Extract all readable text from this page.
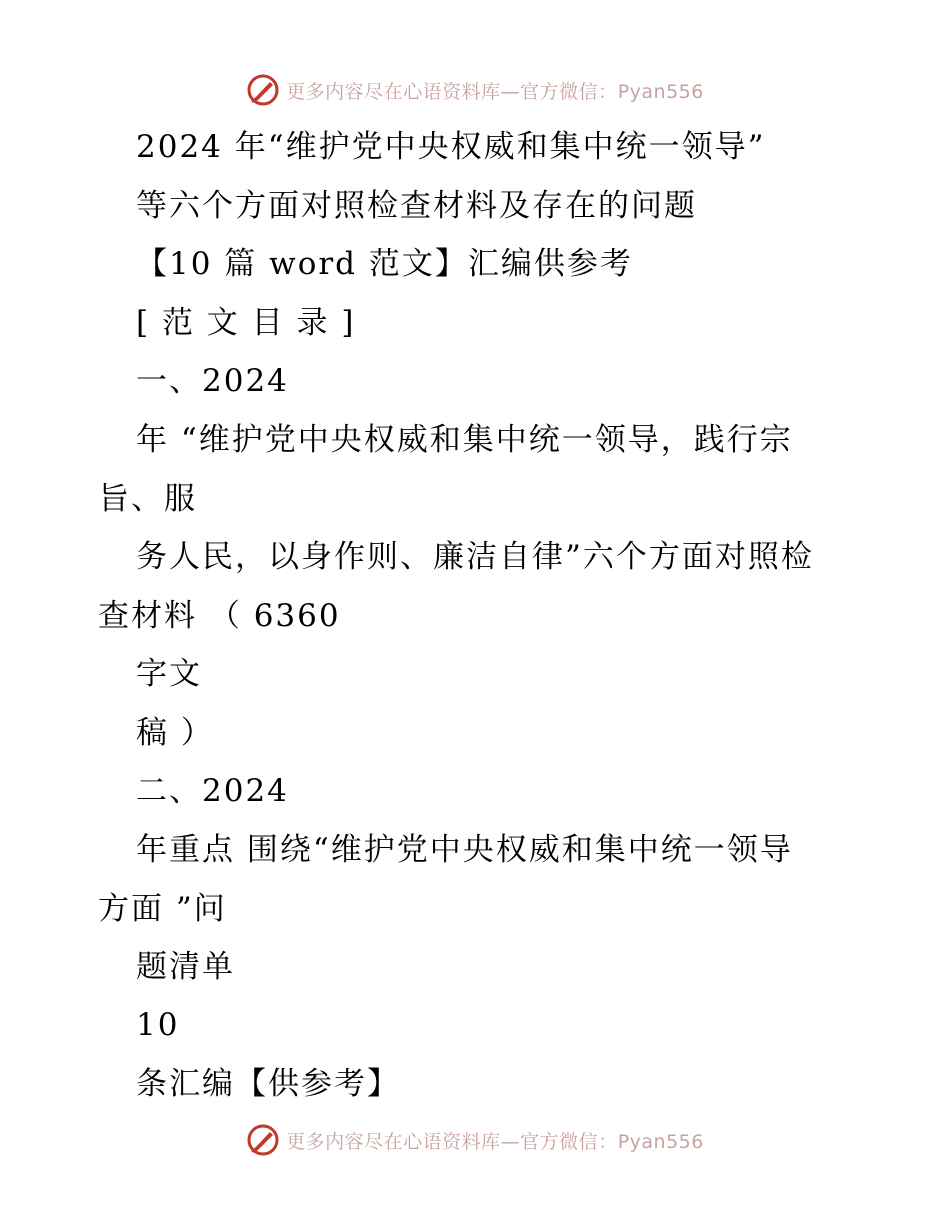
更多内容尽在心语资料库—官方微信：Pyan556
2024 年“维护党中央权威和集中统一领导”
等六个方面对照检查材料及存在的问题
【10 篇 word 范文】汇编供参考
[ 范 文 目 录 ]
一、2024
年 “维护党中央权威和集中统一领导，践行宗
旨、服
务人民，以身作则、廉洁自律”六个方面对照检
查材料 （ 6360
字文
稿 ）
二、2024
年重点 围绕“维护党中央权威和集中统一领导
方面 ”问
题清单
10
条汇编【供参考】
更多内容尽在心语资料库—官方微信：Pyan556
